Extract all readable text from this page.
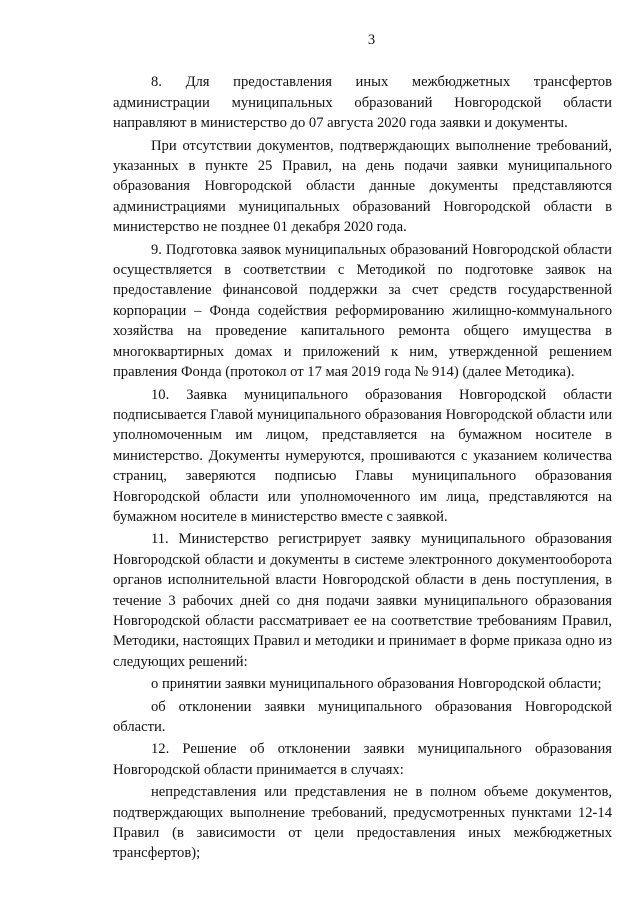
3

8. Для предоставления иных межбюджетных трансфертов администрации муниципальных образований Новгородской области направляют в министерство до 07 августа 2020 года заявки и документы.

При отсутствии документов, подтверждающих выполнение требований, указанных в пункте 25 Правил, на день подачи заявки муниципального образования Новгородской области данные документы представляются администрациями муниципальных образований Новгородской области в министерство не позднее 01 декабря 2020 года.

9. Подготовка заявок муниципальных образований Новгородской области осуществляется в соответствии с Методикой по подготовке заявок на предоставление финансовой поддержки за счет средств государственной корпорации – Фонда содействия реформированию жилищно-коммунального хозяйства на проведение капитального ремонта общего имущества в многоквартирных домах и приложений к ним, утвержденной решением правления Фонда (протокол от 17 мая 2019 года № 914) (далее Методика).

10. Заявка муниципального образования Новгородской области подписывается Главой муниципального образования Новгородской области или уполномоченным им лицом, представляется на бумажном носителе в министерство. Документы нумеруются, прошиваются с указанием количества страниц, заверяются подписью Главы муниципального образования Новгородской области или уполномоченного им лица, представляются на бумажном носителе в министерство вместе с заявкой.

11. Министерство регистрирует заявку муниципального образования Новгородской области и документы в системе электронного документооборота органов исполнительной власти Новгородской области в день поступления, в течение 3 рабочих дней со дня подачи заявки муниципального образования Новгородской области рассматривает ее на соответствие требованиям Правил, Методики, настоящих Правил и методики и принимает в форме приказа одно из следующих решений:

о принятии заявки муниципального образования Новгородской области;

об отклонении заявки муниципального образования Новгородской области.

12. Решение об отклонении заявки муниципального образования Новгородской области принимается в случаях:

непредставления или представления не в полном объеме документов, подтверждающих выполнение требований, предусмотренных пунктами 12-14 Правил (в зависимости от цели предоставления иных межбюджетных трансфертов);
